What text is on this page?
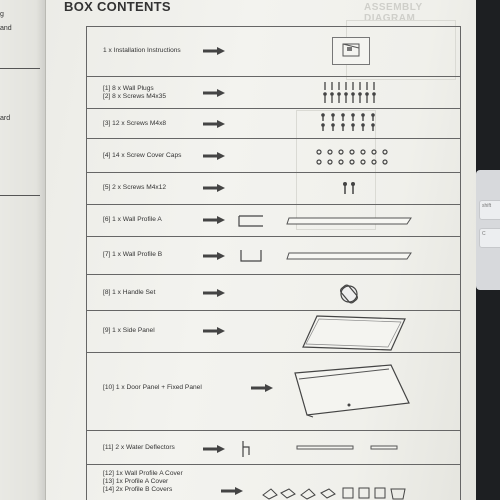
g
and
ard
ASSEMBLY DIAGRAM
BOX CONTENTS
1 x Installation Instructions
[1] 8 x Wall Plugs
[2] 8 x Screws M4x35
[3] 12 x Screws M4x8
[4] 14 x Screw Cover Caps
[5] 2 x Screws M4x12
[6] 1 x Wall Profile A
[7] 1 x Wall Profile B
[8] 1 x Handle Set
[9] 1 x Side Panel
[10] 1 x Door Panel + Fixed Panel
[11] 2 x Water Deflectors
[12] 1x Wall Profile A Cover
[13] 1x Profile A Cover
[14] 2x Profile B Covers
shift
C
